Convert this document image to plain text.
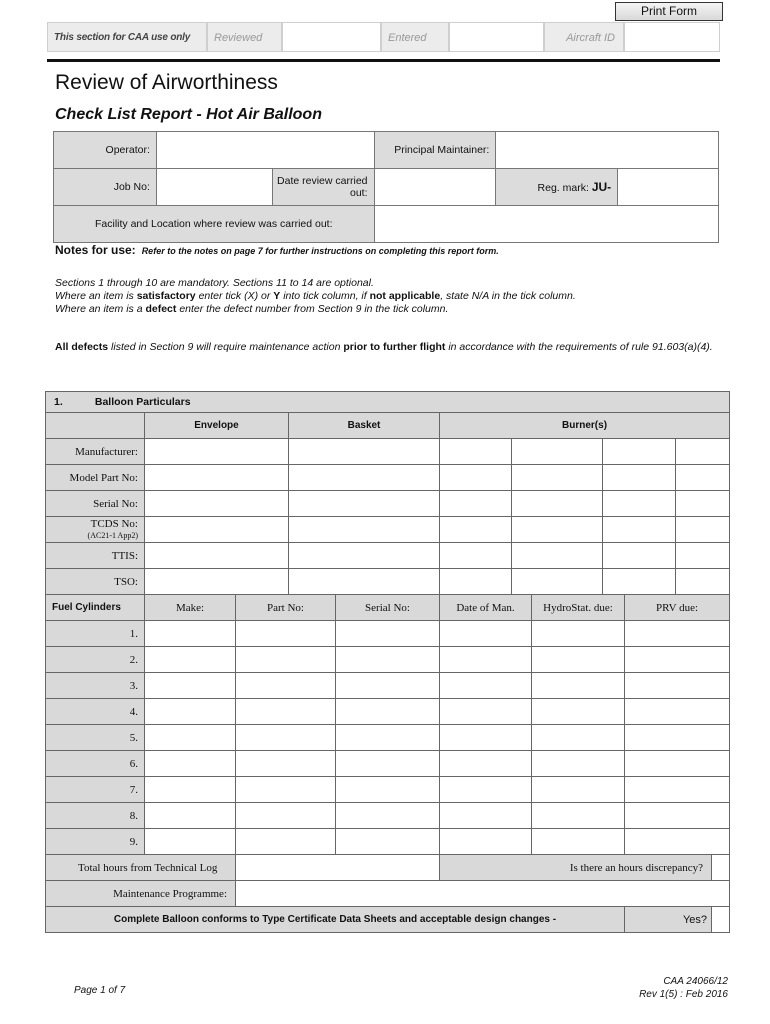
Print Form
This section for CAA use only	Reviewed	Entered	Aircraft ID
Review of Airworthiness
Check List Report - Hot Air Balloon
Operator:			Principal Maintainer:		
Job No:		Date review carried out:		Reg. mark: JU-	
Facility and Location where review was carried out:					
Notes for use: Refer to the notes on page 7 for further instructions on completing this report form.
Sections 1 through 10 are mandatory. Sections 11 to 14 are optional.
Where an item is satisfactory enter tick (X) or Y into tick column, if not applicable, state N/A in the tick column.
Where an item is a defect enter the defect number from Section 9 in the tick column.
All defects listed in Section 9 will require maintenance action prior to further flight in accordance with the requirements of rule 91.603(a)(4).
1. Balloon Particulars											
	Envelope		Basket		Burner(s)						
Manufacturer:											
Model Part No:											
Serial No:											
TCDS No:
(AC21-1 App2)											

TTIS:											
TSO:											
Fuel Cylinders	Make:	Part No:		Serial No:	Date of Man.		HydroStat. due:		PRV due:		
1.											
2.											
3.											
4.											
5.											
6.											
7.											
8.											
9.											
Total hours from Technical Log					Is there an hours discrepancy?						
Maintenance Programme:											
Complete Balloon conforms to Type Certificate Data Sheets and acceptable design changes -									Yes?		
Page 1 of 7
CAA 24066/12
Rev 1(5) : Feb 2016
